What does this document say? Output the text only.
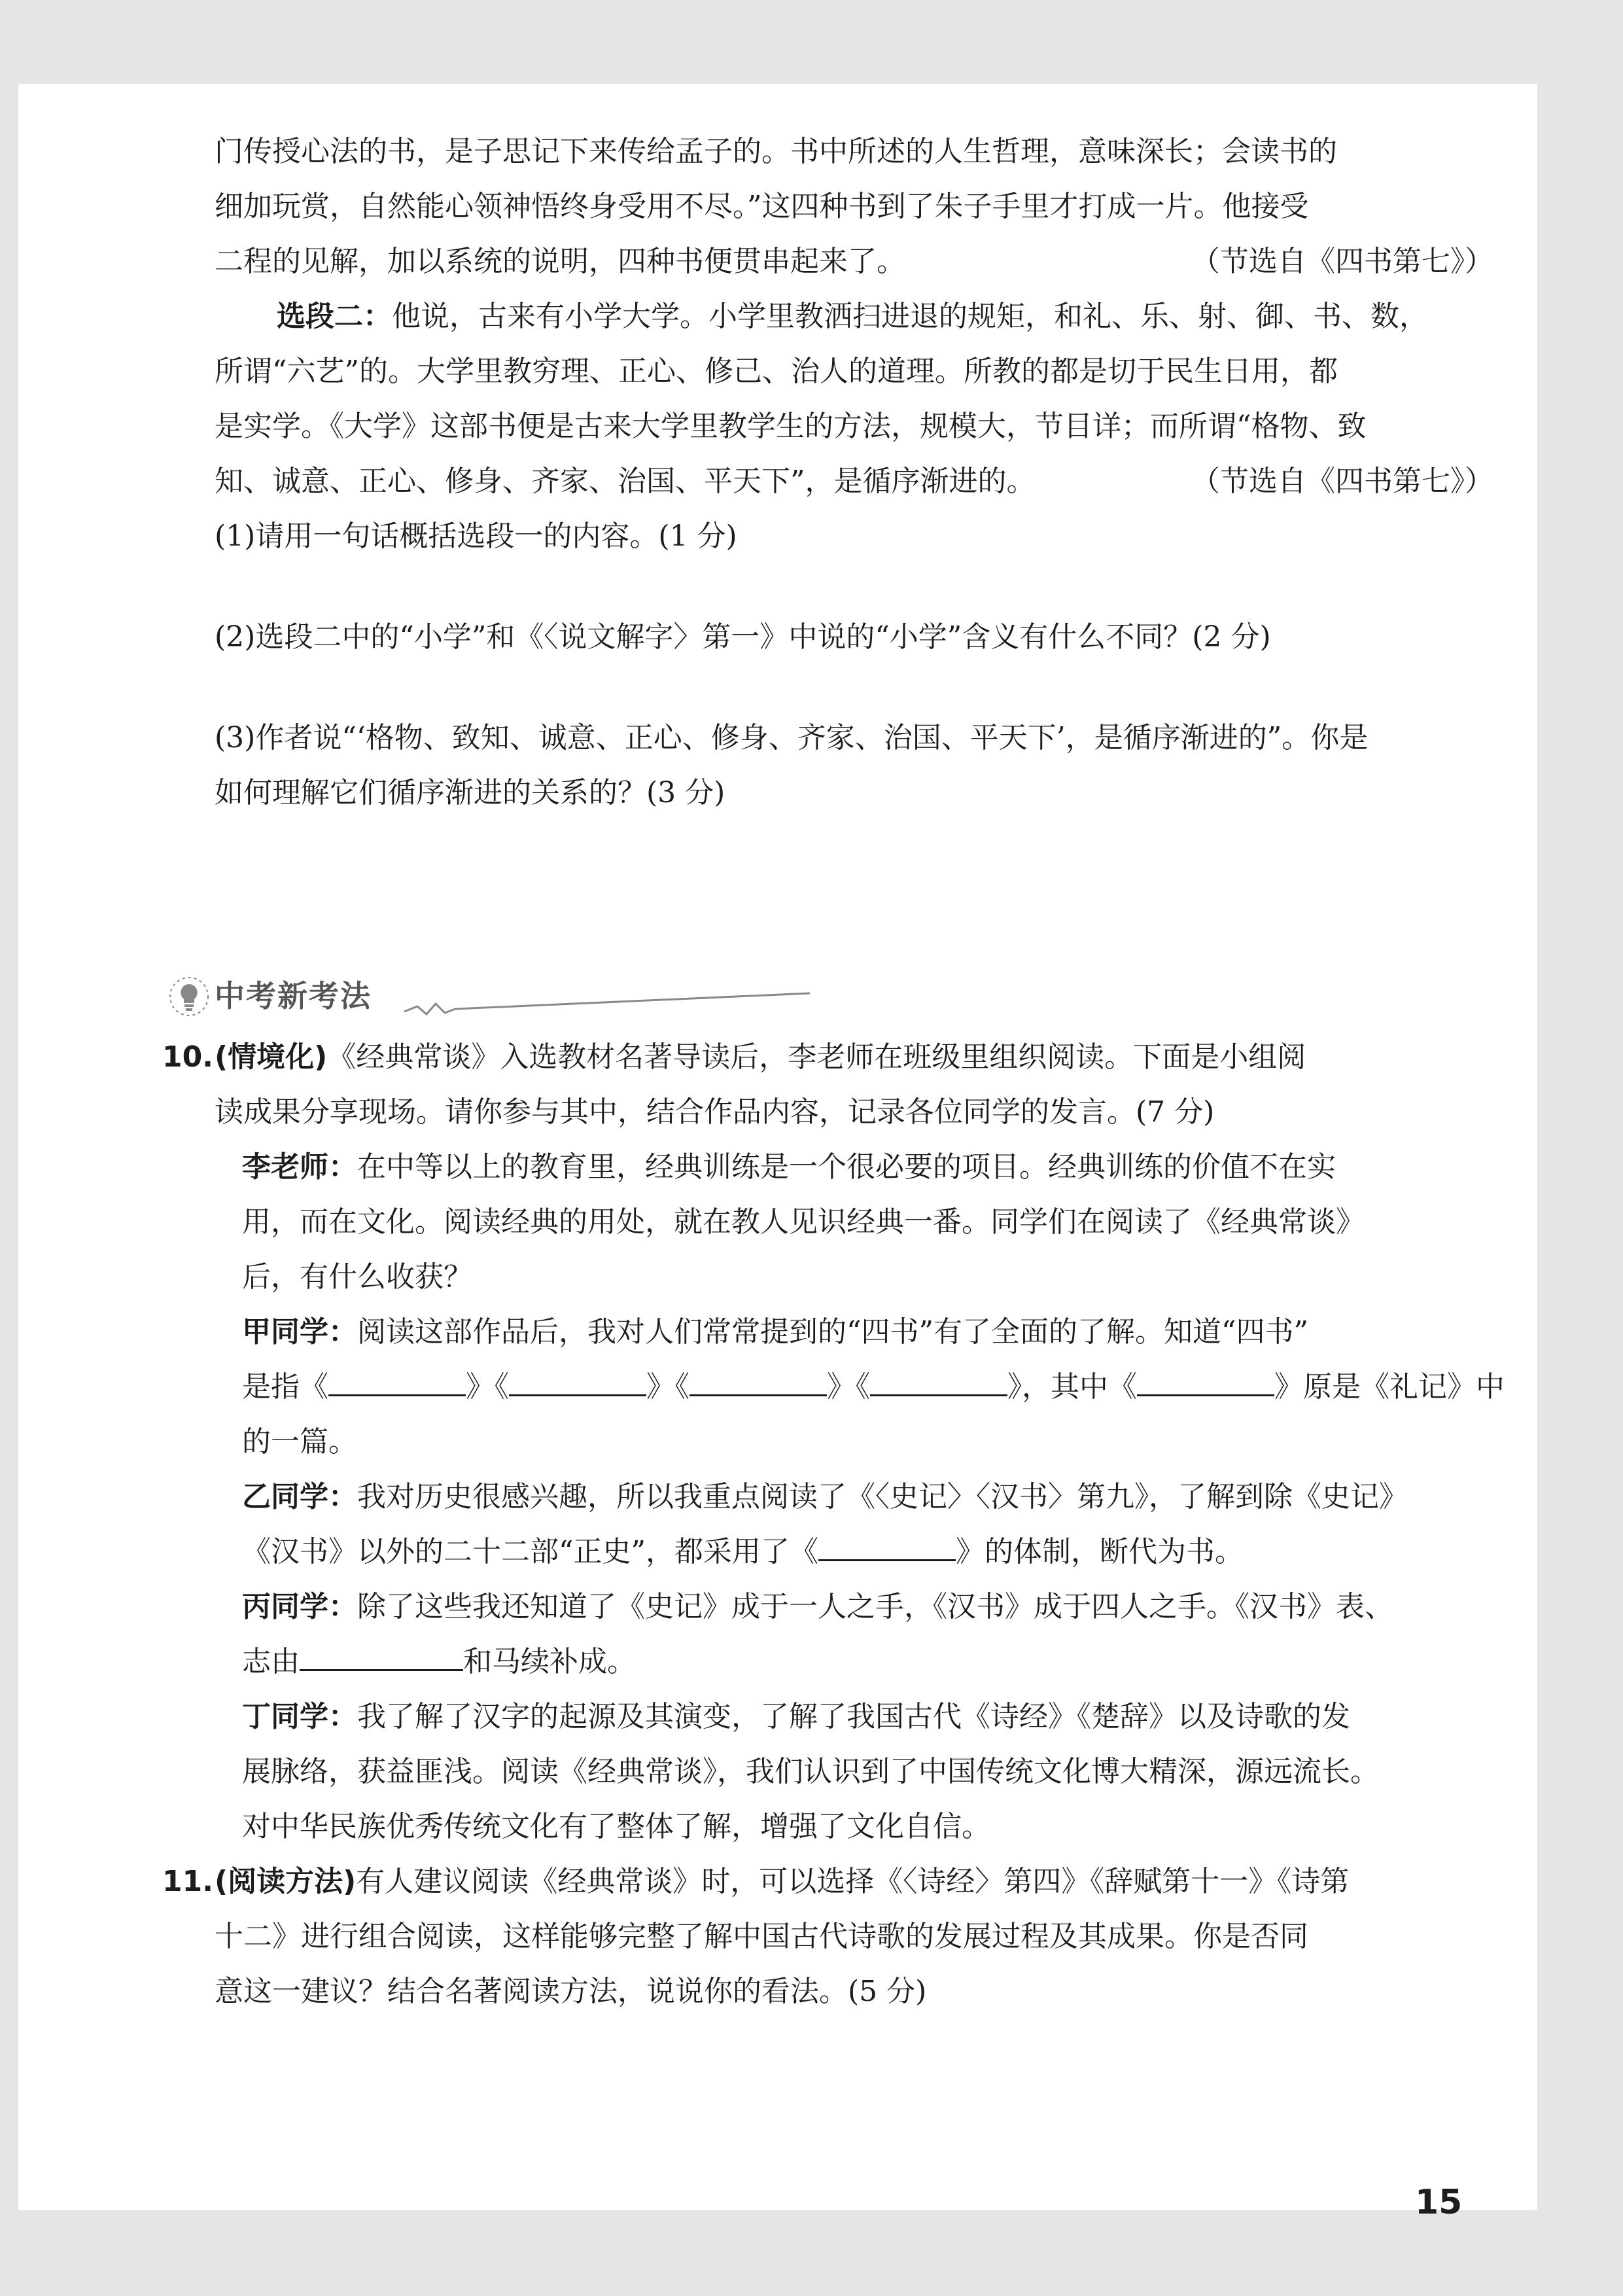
门传授心法的书，是子思记下来传给孟子的。书中所述的人生哲理，意味深长；会读书的
细加玩赏，自然能心领神悟终身受用不尽。”这四种书到了朱子手里才打成一片。他接受
二程的见解，加以系统的说明，四种书便贯串起来了。	（节选自《四书第七》）
选段二：他说，古来有小学大学。小学里教洒扫进退的规矩，和礼、乐、射、御、书、数，
所谓“六艺”的。大学里教穷理、正心、修己、治人的道理。所教的都是切于民生日用，都
是实学。《大学》这部书便是古来大学里教学生的方法，规模大，节目详；而所谓“格物、致
知、诚意、正心、修身、齐家、治国、平天下”，是循序渐进的。	（节选自《四书第七》）
(1)请用一句话概括选段一的内容。(1 分)
(2)选段二中的“小学”和《〈说文解字〉第一》中说的“小学”含义有什么不同？(2 分)
(3)作者说“‘格物、致知、诚意、正心、修身、齐家、治国、平天下’，是循序渐进的”。你是
如何理解它们循序渐进的关系的？(3 分)
中考新考法
10. (情境化)《经典常谈》入选教材名著导读后，李老师在班级里组织阅读。下面是小组阅
读成果分享现场。请你参与其中，结合作品内容，记录各位同学的发言。(7 分)
李老师：在中等以上的教育里，经典训练是一个很必要的项目。经典训练的价值不在实
用，而在文化。阅读经典的用处，就在教人见识经典一番。同学们在阅读了《经典常谈》
后，有什么收获？
甲同学：阅读这部作品后，我对人们常常提到的“四书”有了全面的了解。知道“四书”
是指《	》《	》《	》《	》，其中《	》原是《礼记》中
的一篇。
乙同学：我对历史很感兴趣，所以我重点阅读了《〈史记〉〈汉书〉第九》，了解到除《史记》
《汉书》以外的二十二部“正史”，都采用了《	》的体制，断代为书。
丙同学：除了这些我还知道了《史记》成于一人之手，《汉书》成于四人之手。《汉书》表、
志由	和马续补成。
丁同学：我了解了汉字的起源及其演变，了解了我国古代《诗经》《楚辞》以及诗歌的发
展脉络，获益匪浅。阅读《经典常谈》，我们认识到了中国传统文化博大精深，源远流长。
对中华民族优秀传统文化有了整体了解，增强了文化自信。
11. (阅读方法)有人建议阅读《经典常谈》时，可以选择《〈诗经〉第四》《辞赋第十一》《诗第
十二》进行组合阅读，这样能够完整了解中国古代诗歌的发展过程及其成果。你是否同
意这一建议？结合名著阅读方法，说说你的看法。(5 分)
15
